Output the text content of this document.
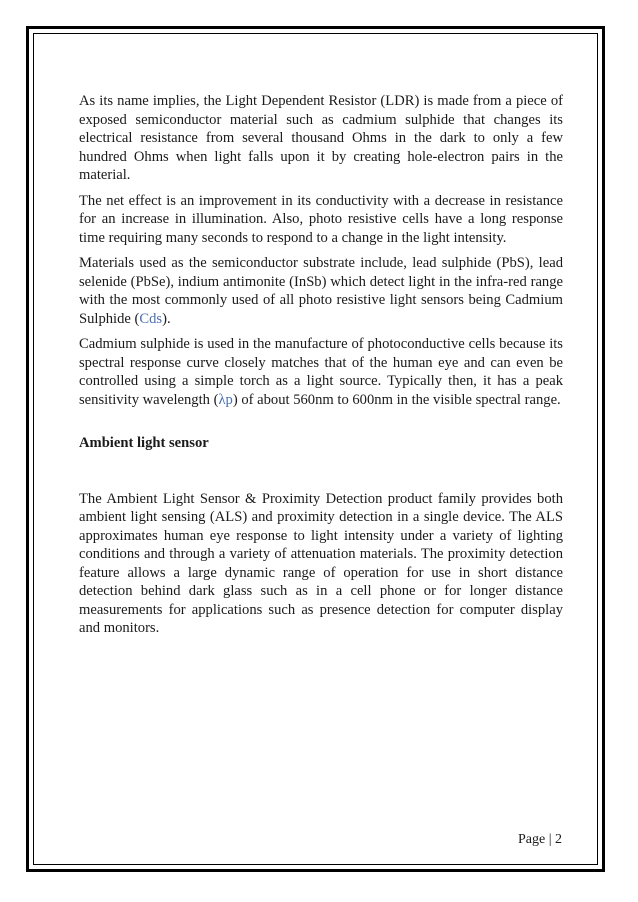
As its name implies, the Light Dependent Resistor (LDR) is made from a piece of exposed semiconductor material such as cadmium sulphide that changes its electrical resistance from several thousand Ohms in the dark to only a few hundred Ohms when light falls upon it by creating hole-electron pairs in the material.

The net effect is an improvement in its conductivity with a decrease in resistance for an increase in illumination. Also, photo resistive cells have a long response time requiring many seconds to respond to a change in the light intensity.

Materials used as the semiconductor substrate include, lead sulphide (PbS), lead selenide (PbSe), indium antimonite (InSb) which detect light in the infra-red range with the most commonly used of all photo resistive light sensors being Cadmium Sulphide (Cds).

Cadmium sulphide is used in the manufacture of photoconductive cells because its spectral response curve closely matches that of the human eye and can even be controlled using a simple torch as a light source. Typically then, it has a peak sensitivity wavelength (λp) of about 560nm to 600nm in the visible spectral range.

Ambient light sensor

The Ambient Light Sensor & Proximity Detection product family provides both ambient light sensing (ALS) and proximity detection in a single device. The ALS approximates human eye response to light intensity under a variety of lighting conditions and through a variety of attenuation materials. The proximity detection feature allows a large dynamic range of operation for use in short distance detection behind dark glass such as in a cell phone or for longer distance measurements for applications such as presence detection for computer display and monitors.

Page | 2
